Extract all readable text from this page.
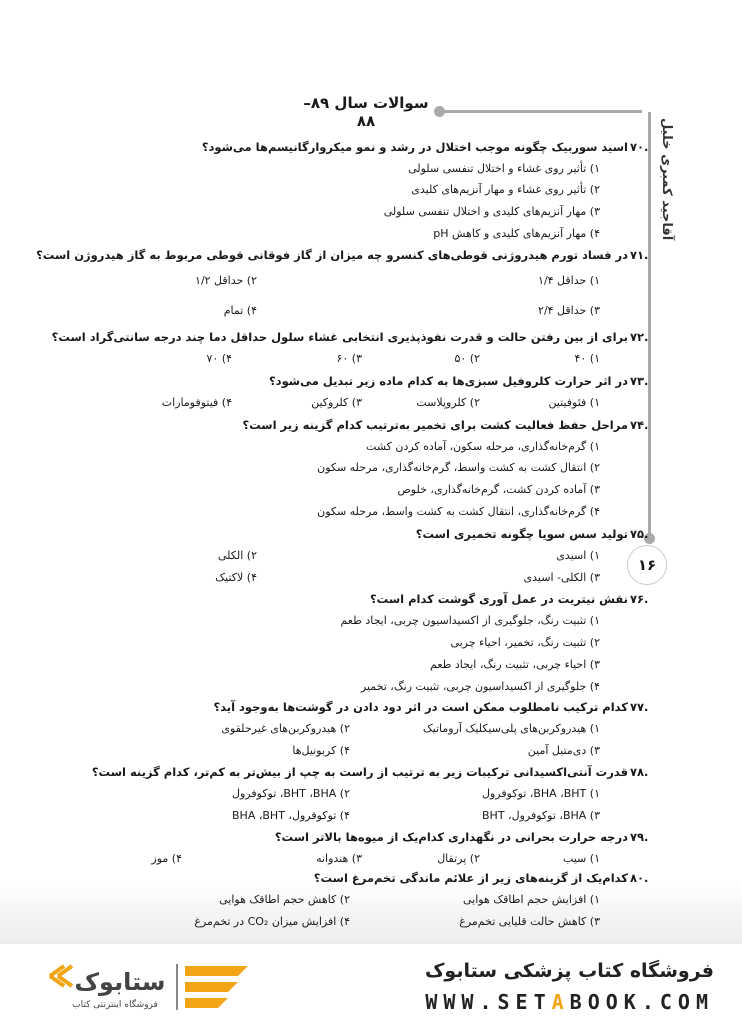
سوالات سال ۸۹–۸۸	آقاجید کمبری خلیل
۱۶
۷۰.
اسید سوربیک چگونه موجب اختلال در رشد و نمو میکروارگانیسم‌ها می‌شود؟
۱) تأثیر روی غشاء و اختلال تنفسی سلولی
۲) تأثیر روی غشاء و مهار آنزیم‌های کلیدی
۳) مهار آنزیم‌های کلیدی و اختلال تنفسی سلولی
۴) مهار آنزیم‌های کلیدی و کاهش pH
۷۱.
در فساد تورم هیدروژنی قوطی‌های کنسرو چه میزان از گاز فوقانی قوطی مربوط به گاز هیدروژن است؟
۱) حداقل ۱/۴
۲) حداقل ۱/۲
۳) حداقل ۲/۴
۴) تمام
۷۲.
برای از بین رفتن حالت و قدرت نفوذپذیری انتخابی غشاء سلول حداقل دما چند درجه سانتی‌گراد است؟
۱) ۴۰
۲) ۵۰
۳) ۶۰
۴) ۷۰
۷۳.
در اثر حرارت کلروفیل سبزی‌ها به کدام ماده زیر تبدیل می‌شود؟
۱) فئوفیتین
۲) کلروپلاست
۳) کلروکین
۴) فیتوفومارات
۷۴.
مراحل حفظ فعالیت کشت برای تخمیر به‌ترتیب کدام گزینه زیر است؟
۱) گرم‌خانه‌گذاری، مرحله سکون، آماده کردن کشت
۲) انتقال کشت به کشت واسط، گرم‌خانه‌گذاری، مرحله سکون
۳) آماده کردن کشت، گرم‌خانه‌گذاری، خلوص
۴) گرم‌خانه‌گذاری، انتقال کشت به کشت واسط، مرحله سکون
۷۵.
تولید سس سویا چگونه تخمیری است؟
۱) اسیدی
۲) الکلی
۳) الکلی- اسیدی
۴) لاکتیک
۷۶.
نقش نیتریت در عمل آوری گوشت کدام است؟
۱) تثبیت رنگ، جلوگیری از اکسیداسیون چربی، ایجاد طعم
۲) تثبیت رنگ، تخمیر، احیاء چربی
۳) احیاء چربی، تثبیت رنگ، ایجاد طعم
۴) جلوگیری از اکسیداسیون چربی، تثبیت رنگ، تخمیر
۷۷.
کدام ترکیب نامطلوب ممکن است در اثر دود دادن در گوشت‌ها به‌وجود آید؟
۱) هیدروکربن‌های پلی‌سیکلیک آروماتیک
۲) هیدروکربن‌های غیرحلقوی
۳) دی‌متیل آمین
۴) کربونیل‌ها
۷۸.
قدرت آنتی‌اکسیدانی ترکیبات زیر به ترتیب از راست به چپ از بیش‌تر به کم‌تر، کدام گزینه است؟
۱) BHA ،BHT، توکوفرول
۲) BHT ،BHA، توکوفرول
۳) BHA، توکوفرول، BHT
۴) توکوفرول، BHA ،BHT
۷۹.
درجه حرارت بحرانی در نگهداری کدام‌یک از میوه‌ها بالاتر است؟
۱) سیب
۲) پرتقال
۳) هندوانه
۴) موز
۸۰.
کدام‌یک از گزینه‌های زیر از علائم ماندگی تخم‌مرغ است؟
۱) افزایش حجم اطاقک هوایی
۲) کاهش حجم اطاقک هوایی
۳) کاهش حالت قلیایی تخم‌مرغ
۴) افزایش میزان CO₂ در تخم‌مرغ
فروشگاه کتاب پزشکی ستابوک
WWW.SETABOOK.COM
ستابوک
فروشگاه اینترنتی کتاب
